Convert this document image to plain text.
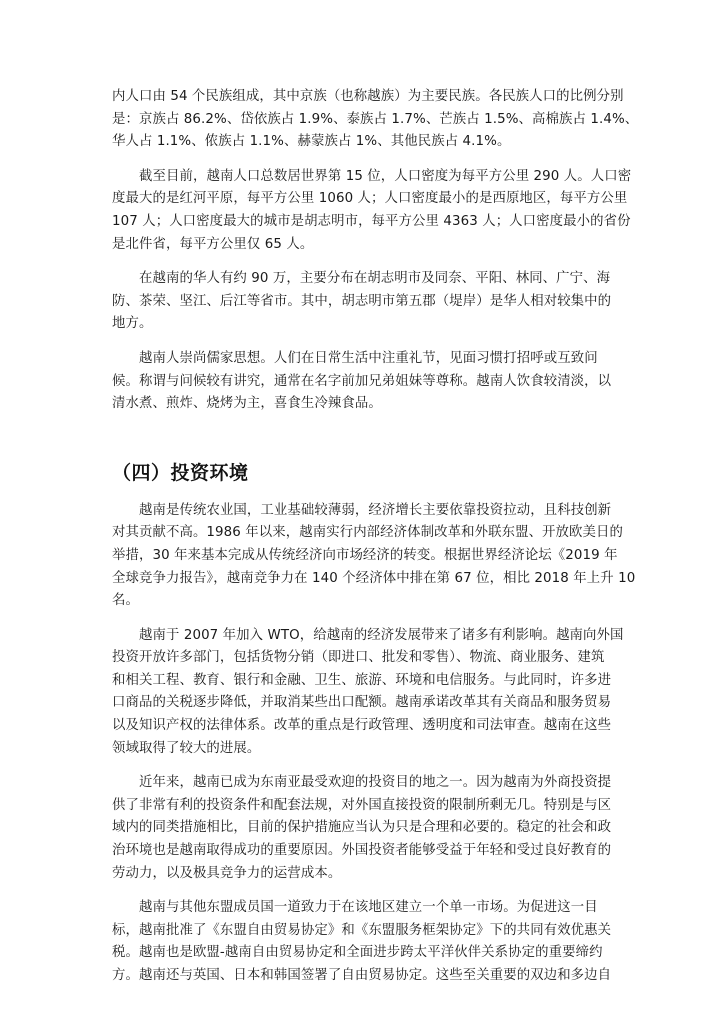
内人口由 54 个民族组成，其中京族（也称越族）为主要民族。各民族人口的比例分别
是：京族占 86.2%、岱依族占 1.9%、泰族占 1.7%、芒族占 1.5%、高棉族占 1.4%、
华人占 1.1%、侬族占 1.1%、赫蒙族占 1%、其他民族占 4.1%。

截至目前，越南人口总数居世界第 15 位，人口密度为每平方公里 290 人。人口密
度最大的是红河平原，每平方公里 1060 人；人口密度最小的是西原地区，每平方公里
107 人；人口密度最大的城市是胡志明市，每平方公里 4363 人；人口密度最小的省份
是北件省，每平方公里仅 65 人。

在越南的华人有约 90 万，主要分布在胡志明市及同奈、平阳、林同、广宁、海
防、茶荣、坚江、后江等省市。其中，胡志明市第五郡（堤岸）是华人相对较集中的
地方。

越南人崇尚儒家思想。人们在日常生活中注重礼节，见面习惯打招呼或互致问
候。称谓与问候较有讲究，通常在名字前加兄弟姐妹等尊称。越南人饮食较清淡，以
清水煮、煎炸、烧烤为主，喜食生冷辣食品。

（四）投资环境

越南是传统农业国，工业基础较薄弱，经济增长主要依靠投资拉动，且科技创新
对其贡献不高。1986 年以来，越南实行内部经济体制改革和外联东盟、开放欧美日的
举措，30 年来基本完成从传统经济向市场经济的转变。根据世界经济论坛《2019 年
全球竞争力报告》，越南竞争力在 140 个经济体中排在第 67 位，相比 2018 年上升 10
名。

越南于 2007 年加入 WTO，给越南的经济发展带来了诸多有利影响。越南向外国
投资开放许多部门，包括货物分销（即进口、批发和零售）、物流、商业服务、建筑
和相关工程、教育、银行和金融、卫生、旅游、环境和电信服务。与此同时，许多进
口商品的关税逐步降低，并取消某些出口配额。越南承诺改革其有关商品和服务贸易
以及知识产权的法律体系。改革的重点是行政管理、透明度和司法审查。越南在这些
领域取得了较大的进展。

近年来，越南已成为东南亚最受欢迎的投资目的地之一。因为越南为外商投资提
供了非常有利的投资条件和配套法规，对外国直接投资的限制所剩无几。特别是与区
域内的同类措施相比，目前的保护措施应当认为只是合理和必要的。稳定的社会和政
治环境也是越南取得成功的重要原因。外国投资者能够受益于年轻和受过良好教育的
劳动力，以及极具竞争力的运营成本。

越南与其他东盟成员国一道致力于在该地区建立一个单一市场。为促进这一目
标，越南批准了《东盟自由贸易协定》和《东盟服务框架协定》下的共同有效优惠关
税。越南也是欧盟-越南自由贸易协定和全面进步跨太平洋伙伴关系协定的重要缔约
方。越南还与英国、日本和韩国签署了自由贸易协定。这些至关重要的双边和多边自
